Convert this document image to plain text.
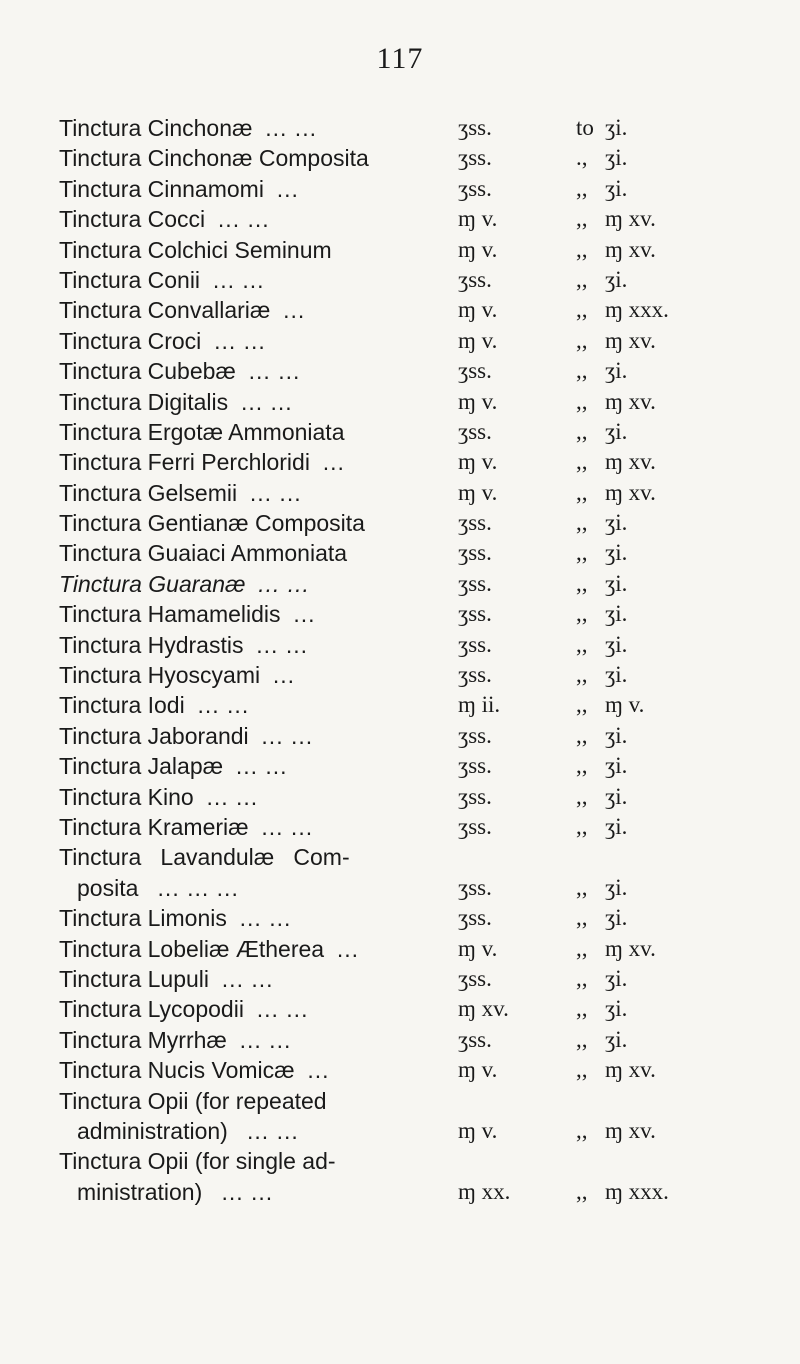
117
Tinctura Cinchonæ ... ...	ʒss.	to ʒi.
Tinctura Cinchonæ Composita	ʒss.	., ʒi.
Tinctura Cinnamomi ...	ʒss.	,, ʒi.
Tinctura Cocci ... ...	ɱ v.	,, ɱ xv.
Tinctura Colchici Seminum	ɱ v.	,, ɱ xv.
Tinctura Conii ... ...	ʒss.	,, ʒi.
Tinctura Convallariæ ...	ɱ v.	,, ɱ xxx.
Tinctura Croci ... ...	ɱ v.	,, ɱ xv.
Tinctura Cubebæ ... ...	ʒss.	,, ʒi.
Tinctura Digitalis ... ...	ɱ v.	,, ɱ xv.
Tinctura Ergotæ Ammoniata	ʒss.	,, ʒi.
Tinctura Ferri Perchloridi ...	ɱ v.	,, ɱ xv.
Tinctura Gelsemii ... ...	ɱ v.	,, ɱ xv.
Tinctura Gentianæ Composita	ʒss.	,, ʒi.
Tinctura Guaiaci Ammoniata	ʒss.	,, ʒi.
Tinctura Guaranæ ... ...	ʒss.	,, ʒi.
Tinctura Hamamelidis ...	ʒss.	,, ʒi.
Tinctura Hydrastis ... ...	ʒss.	,, ʒi.
Tinctura Hyoscyami ...	ʒss.	,, ʒi.
Tinctura Iodi ... ...	ɱ ii.	,, ɱ v.
Tinctura Jaborandi ... ...	ʒss.	,, ʒi.
Tinctura Jalapæ ... ...	ʒss.	,, ʒi.
Tinctura Kino ... ...	ʒss.	,, ʒi.
Tinctura Krameriæ ... ...	ʒss.	,, ʒi.
Tinctura   Lavandulæ   Com-
posita ... ... ...	ʒss.	,, ʒi.
Tinctura Limonis ... ...	ʒss.	,, ʒi.
Tinctura Lobeliæ Ætherea ...	ɱ v.	,, ɱ xv.
Tinctura Lupuli ... ...	ʒss.	,, ʒi.
Tinctura Lycopodii ... ...	ɱ xv.	,, ʒi.
Tinctura Myrrhæ ... ...	ʒss.	,, ʒi.
Tinctura Nucis Vomicæ ...	ɱ v.	,, ɱ xv.
Tinctura Opii (for repeated
administration) ... ...	ɱ v.	,, ɱ xv.
Tinctura Opii (for single ad-
ministration) ... ...	ɱ xx.	,, ɱ xxx.
